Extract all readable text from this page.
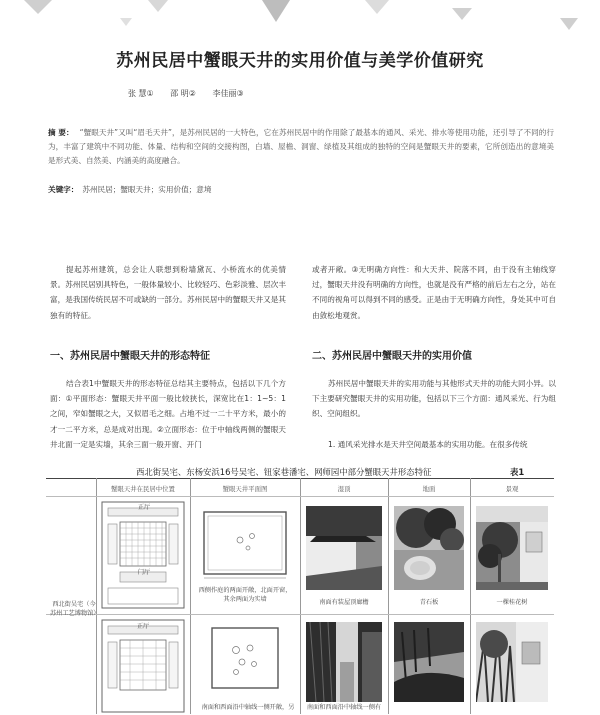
苏州民居中蟹眼天井的实用价值与美学价值研究
张 慧① 邵 明② 李佳丽③
摘 要： “蟹眼天井”又叫“眉毛天井”，是苏州民居的一大特色，它在苏州民居中的作用除了最基本的通风、采光、排水等使用功能，还引导了不同的行为，丰富了建筑中不同功能、体量、结构和空间的交接构图，白墙、屋檐、洞窗、绿植及其组成的独特的空间是蟹眼天井的要素，它所创造出的意境美是形式美、自然美、内涵美的高度融合。
关键字： 苏州民居；蟹眼天井；实用价值；意境
提起苏州建筑，总会让人联想到粉墙黛瓦、小桥流水的优美情景。苏州民居别具特色，一般体量较小、比较轻巧、色彩淡雅、层次丰富，是我国传统民居不可或缺的一部分。苏州民居中的蟹眼天井又是其独有的特征。
或者开敞。③无明确方向性：和大天井、院落不同，由于没有主轴线穿过，蟹眼天井没有明确的方向性，也就是没有严格的前后左右之分，站在不同的视角可以得到不同的感受。正是由于无明确方向性，身处其中可自由敛松地观赏。
一、苏州民居中蟹眼天井的形态特征	二、苏州民居中蟹眼天井的实用价值
结合表1中蟹眼天井的形态特征总结其主要特点，包括以下几个方面：①平面形态：蟹眼天井平面一般比较狭长，深宽比在1：1~5：1之间，窄如蟹眼之大，又似眉毛之细。占地不过一二十平方米，最小的才一二平方米，总是成对出现。②立面形态：位于中轴线两侧的蟹眼天井北面一定是实墙，其余三面一般开窗、开门
苏州民居中蟹眼天井的实用功能与其他形式天井的功能大同小异。以下主要研究蟹眼天井的实用功能，包括以下三个方面：通风采光、行为组织、空间组织。
1. 通风采光排水是天井空间最基本的实用功能。在很多传统
西北街吴宅、东杨安浜16号吴宅、钮家巷潘宅、网师园中部分蟹眼天井形态特征	表1
蟹眼天井在民居中位置	蟹眼天井平面图	湿顶	地面	景观
西北街吴宅（今苏州工艺博物馆）
正厅
门厅
西侧作庭的两面开敞，北面开窗，其余两面为实墙	南面有装屋顶廊檐	青石板	一棵桂花树
正厅
南面和西面沿中轴线一侧开敞，另	南面和西面沿中轴线一侧有
